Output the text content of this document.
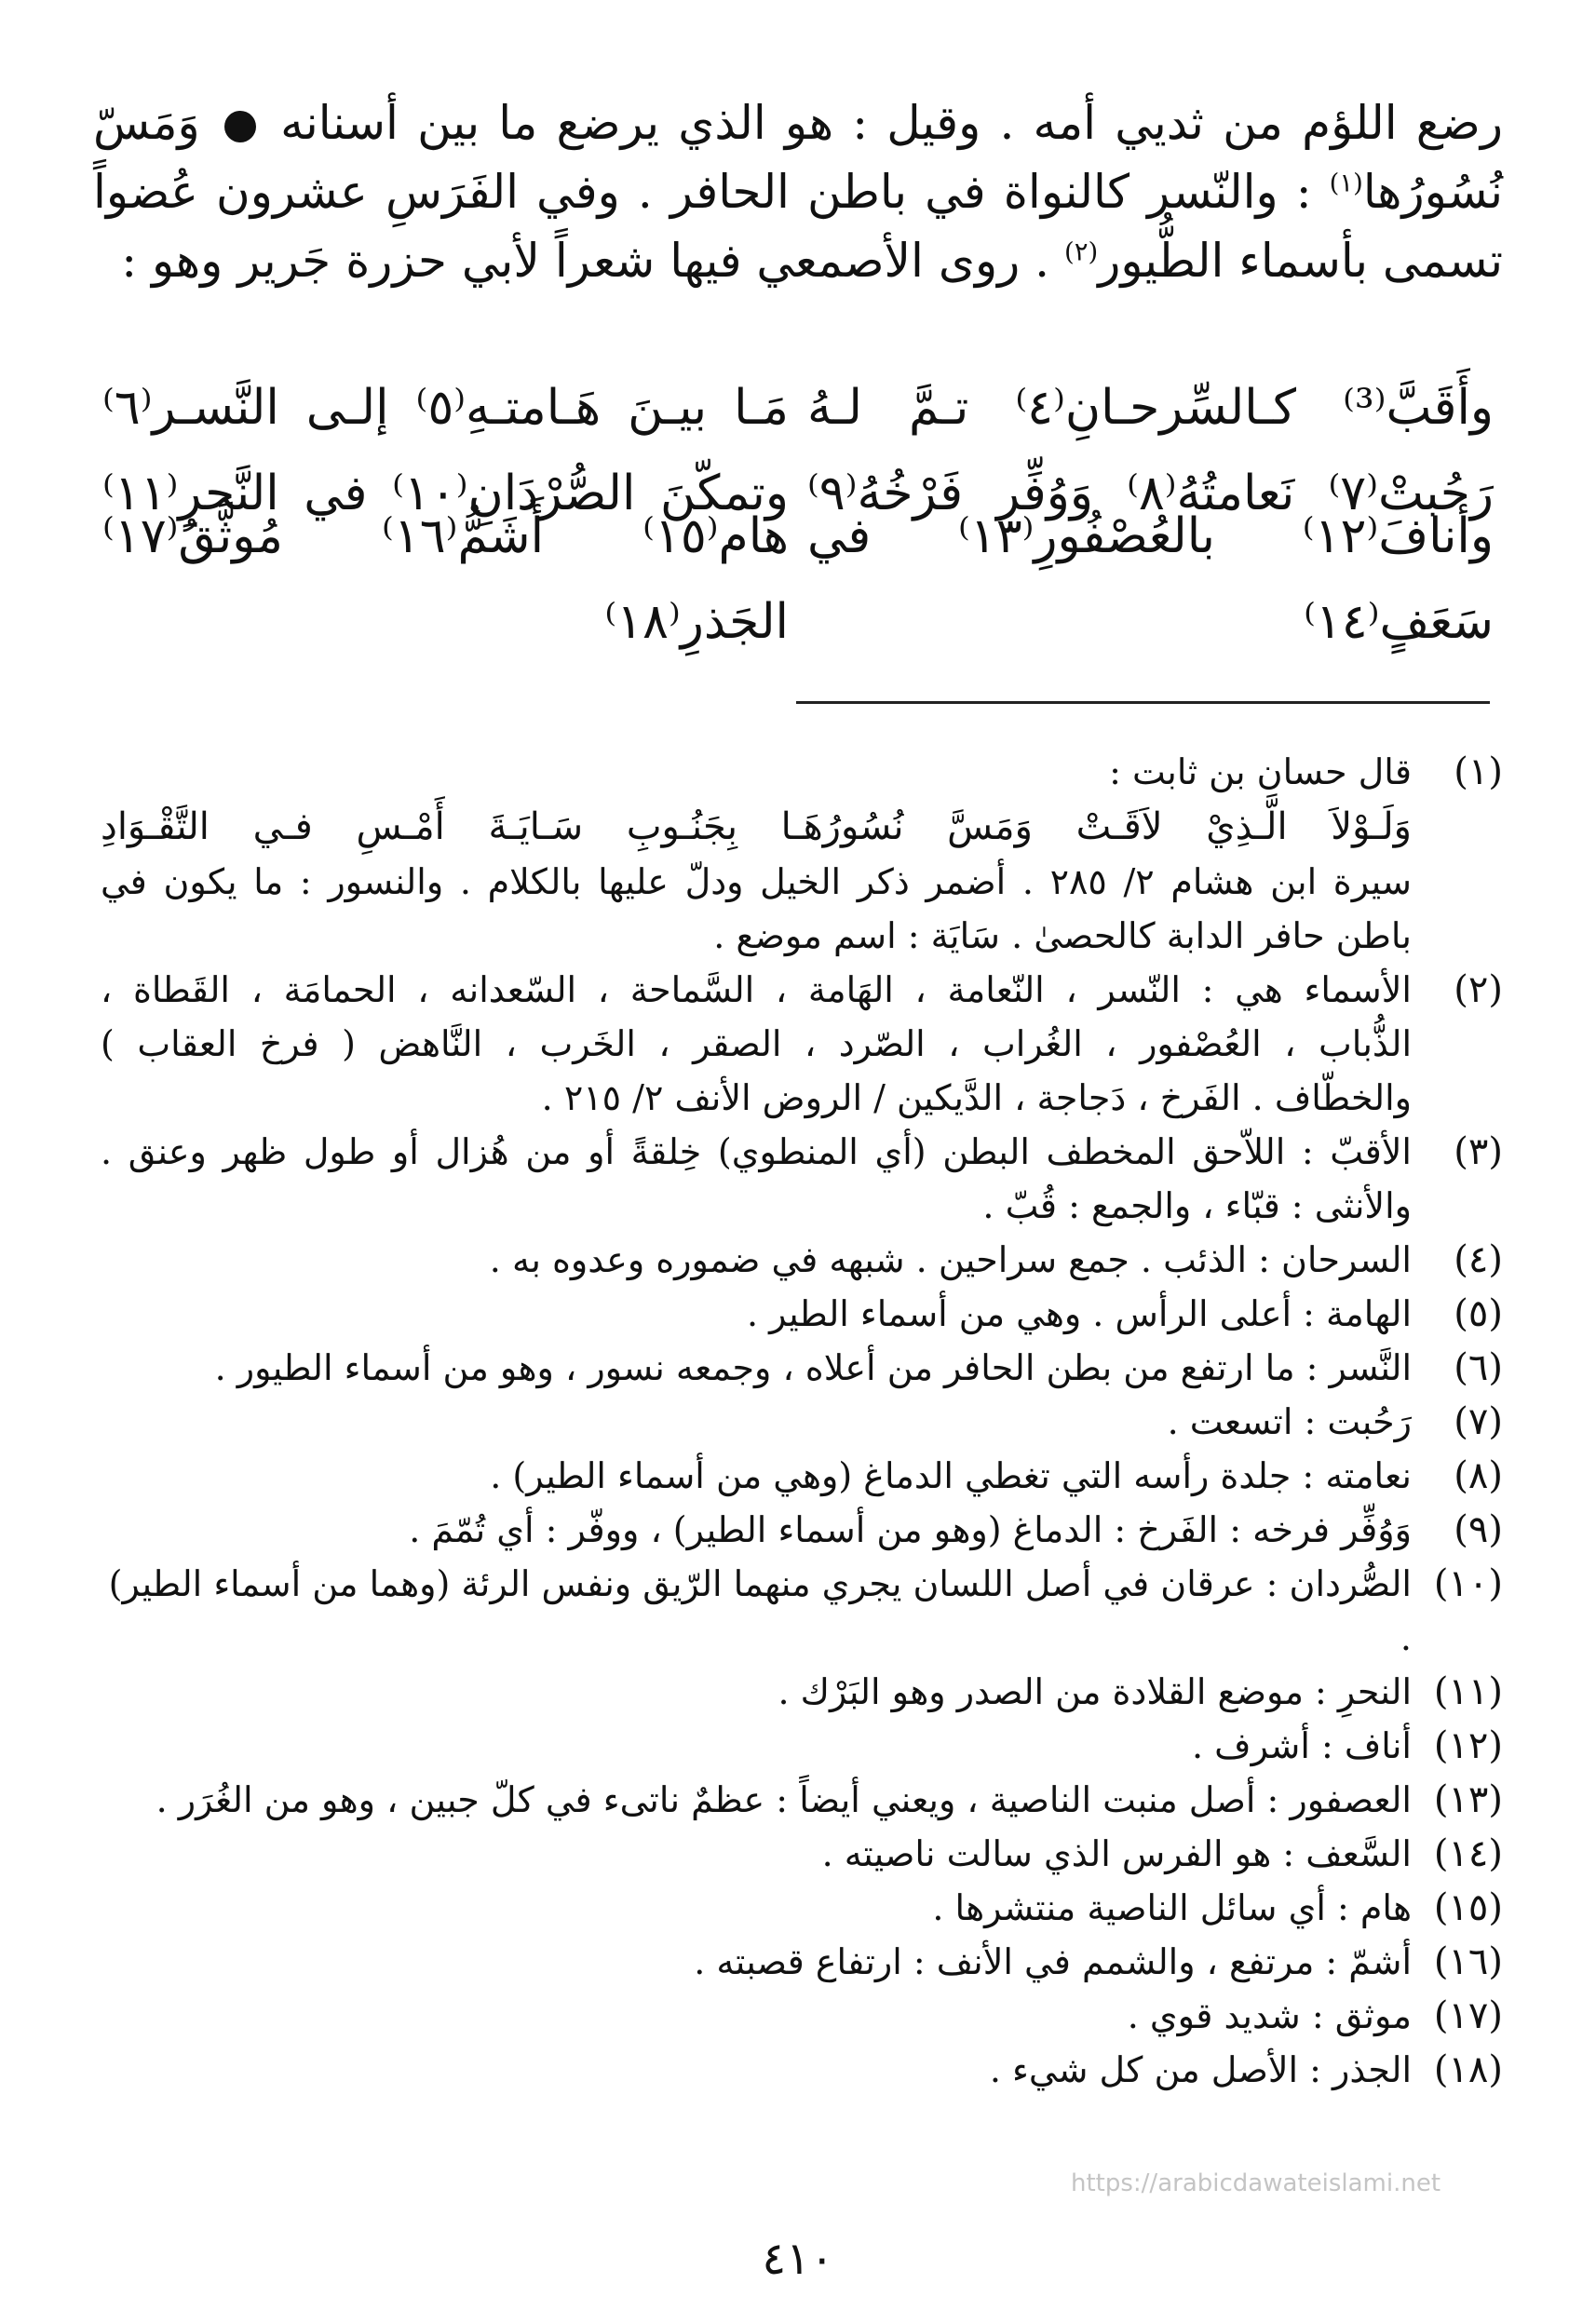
رضع اللؤم من ثديي أمه . وقيل : هو الذي يرضع ما بين أسنانه  وَمَسّ

نُسُورُها$^{(١)}$ : والنّسر كالنواة في باطن الحافر . وفي الفَرَسِ عشرون عُضواً

تسمى بأسماء الطُّيور$^{(٢)}$ . روى الأصمعي فيها شعراً لأبي حزرة جَرير وهو :

وأَقَبَّ⁽³⁾ كـالسِّرحـانِ⁽٤⁾ تـمَّ لـهُ
مَـا بيـنَ هَـامتـهِ⁽٥⁾ إلـى النَّسـر⁽٦⁾
رَحُبتْ⁽٧⁾ نَعامتُهُ⁽٨⁾ وَوُفِّر فَرْخُهُ⁽٩⁾
وتمكّنَ الصُّرْدَانِ⁽١٠⁾ في النَّحرِ⁽١١⁾
وأنافَ⁽١٢⁾ بالعُصْفُورِ⁽١٣⁾ في سَعَفٍ⁽١٤⁾
هام⁽١٥⁾ أَشَمُّ⁽١٦⁾ مُوثَّقُ⁽١٧⁾ الجَذرِ⁽١٨⁾
(١)

قال حسان بن ثابت :

وَلَـوْلاَ الَّـذِيْ لاَقَـتْ وَمَسَّ نُسُورُهَـا بِجَنُـوبِ سَـايَـةَ أَمْـسِ فـي التَّقْـوَادِ

سيرة ابن هشام ٢/ ٢٨٥ . أضمر ذكر الخيل ودلّ عليها بالكلام . والنسور : ما يكون في

باطن حافر الدابة كالحصىٰ . سَايَة : اسم موضع .

(٢)

الأسماء هي : النّسر ، النّعامة ، الهَامة ، السَّماحة ، السّعدانه ، الحمامَة ، القَطاة ،

الذُّباب ، العُصْفور ، الغُراب ، الصّرد ، الصقر ، الخَرب ، النَّاهض ( فرخ العقاب )

والخطّاف . الفَرخ ، دَجاجة ، الدَّيكين / الروض الأنف ٢/ ٢١٥ .

(٣)

الأقبّ : اللاّحق المخطف البطن (أي المنطوي) خِلقةً أو من هُزال أو طول ظهر وعنق .

والأنثى : قبّاء ، والجمع : قُبّ .

(٤)

السرحان : الذئب . جمع سراحين . شبهه في ضموره وعدوه به .

(٥)

الهامة : أعلى الرأس . وهي من أسماء الطير .

(٦)

النَّسر : ما ارتفع من بطن الحافر من أعلاه ، وجمعه نسور ، وهو من أسماء الطيور .

(٧)

رَحُبت : اتسعت .

(٨)

نعامته : جلدة رأسه التي تغطي الدماغ (وهي من أسماء الطير) .

(٩)

وَوُفِّر فرخه : الفَرخ : الدماغ (وهو من أسماء الطير) ، ووفّر : أي تُمّمَ .

(١٠)

الصُّردان : عرقان في أصل اللسان يجري منهما الرّيق ونفس الرئة (وهما من أسماء الطير) .

(١١)

النحرِ : موضع القلادة من الصدر وهو البَرْك .

(١٢)

أناف : أشرف .

(١٣)

العصفور : أصل منبت الناصية ، ويعني أيضاً : عظمٌ ناتىء في كلّ جبين ، وهو من الغُرَر .

(١٤)

السَّعف : هو الفرس الذي سالت ناصيته .

(١٥)

هام : أي سائل الناصية منتشرها .

(١٦)

أشمّ : مرتفع ، والشمم في الأنف : ارتفاع قصبته .

(١٧)

موثق : شديد قوي .

(١٨)

الجذر : الأصل من كل شيء .

https://arabicdawateislami.net
٤١٠
